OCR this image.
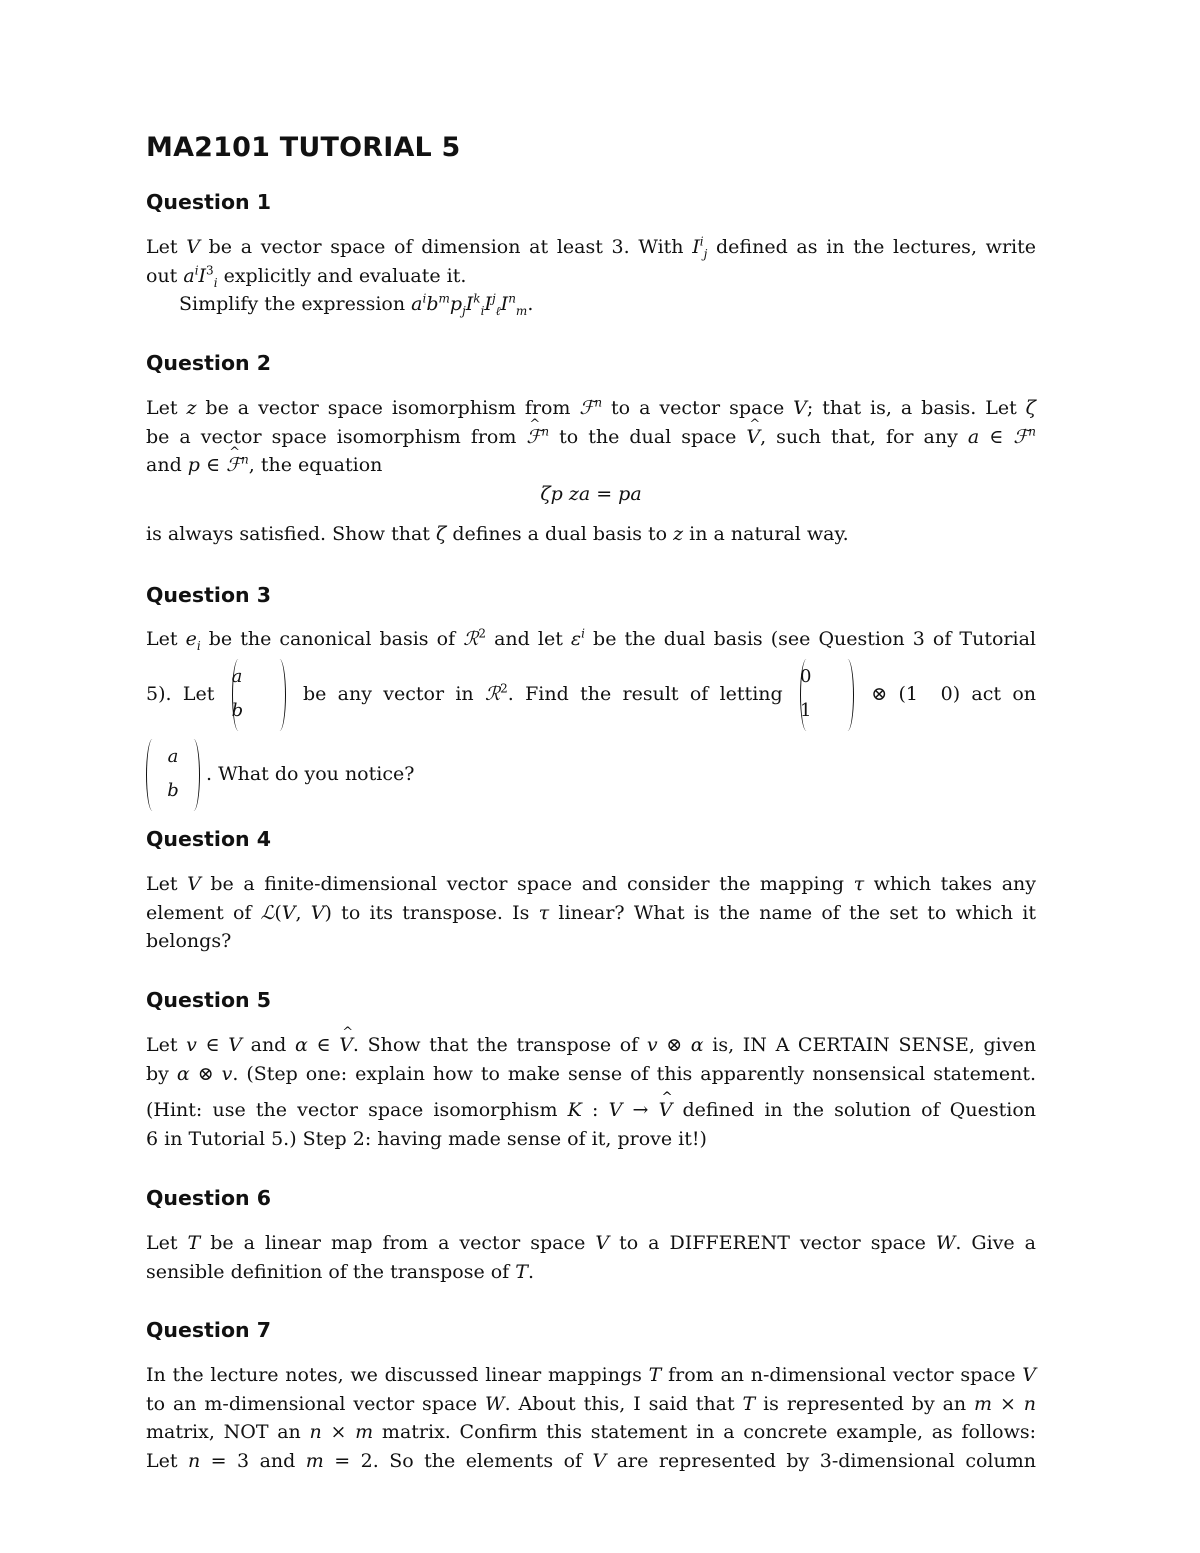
MA2101 TUTORIAL 5
Question 1
Let V be a vector space of dimension at least 3. With $I^i_j$ defined as in the lectures, write
out $a^iI^3_i$ explicitly and evaluate it.
Simplify the expression $a^ib^mp_jI^k_iI^j_\ell I^n_m$.
Question 2
Let z be a vector space isomorphism from ℱ$^n$ to a vector space V; that is, a basis. Let ζ
be a vector space isomorphism from ℱ ^$^n$ to the dual space V ^, such that, for any a ∈ ℱ$^n$
and p ∈ ℱ ^$^n$, the equation
ζp za = pa
is always satisfied. Show that ζ defines a dual basis to z in a natural way.
Question 3
Let $e_i$ be the canonical basis of ℛ$^2$ and let $\varepsilon^i$ be the dual basis (see Question 3 of Tutorial
5). Let
a
b
be any vector in ℛ$^2$. Find the result of letting
0
1
⊗ (1  0) act on
a
b
. What do you notice?
Question 4
Let V be a finite-dimensional vector space and consider the mapping τ which takes any
element of ℒ(V, V) to its transpose. Is τ linear? What is the name of the set to which it
belongs?
Question 5
Let v ∈ V and α ∈ V ^. Show that the transpose of v ⊗ α is, IN A CERTAIN SENSE, given
by α ⊗ v. (Step one: explain how to make sense of this apparently nonsensical statement.
(Hint: use the vector space isomorphism K : V → V ^ ^ defined in the solution of Question
6 in Tutorial 5.) Step 2: having made sense of it, prove it!)
Question 6
Let T be a linear map from a vector space V to a DIFFERENT vector space W. Give a
sensible definition of the transpose of T.
Question 7
In the lecture notes, we discussed linear mappings T from an n-dimensional vector space V
to an m-dimensional vector space W. About this, I said that T is represented by an m × n
matrix, NOT an n × m matrix. Confirm this statement in a concrete example, as follows:
Let n = 3 and m = 2. So the elements of V are represented by 3-dimensional column
